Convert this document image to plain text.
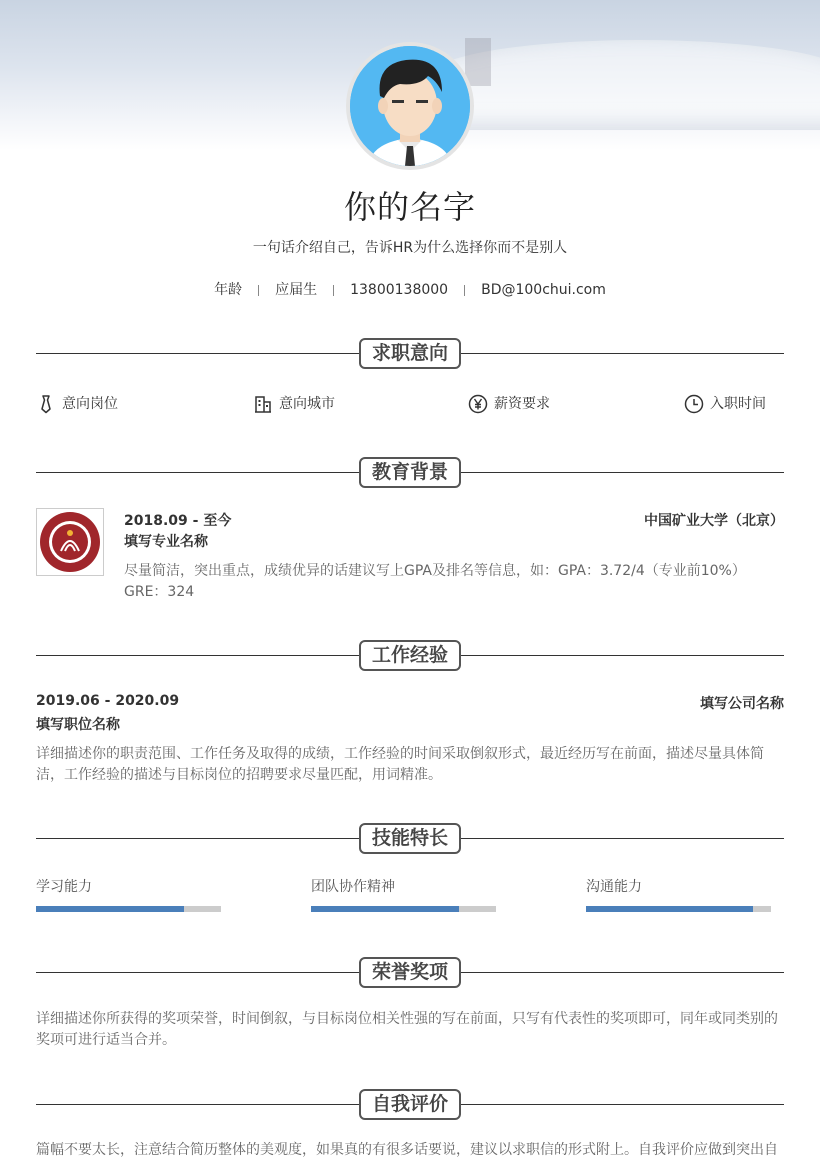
你的名字
一句话介绍自己，告诉HR为什么选择你而不是别人
年龄 应届生 13800138000 BD@100chui.com
求职意向
意向岗位	意向城市	薪资要求	入职时间
教育背景
2018.09 - 至今	中国矿业大学（北京）
填写专业名称
尽量简洁，突出重点，成绩优异的话建议写上GPA及排名等信息，如：GPA：3.72/4（专业前10%） GRE：324
工作经验
2019.06 - 2020.09	填写公司名称
填写职位名称
详细描述你的职责范围、工作任务及取得的成绩，工作经验的时间采取倒叙形式，最近经历写在前面，描述尽量具体简洁，工作经验的描述与目标岗位的招聘要求尽量匹配，用词精准。
技能特长
学习能力	团队协作精神	沟通能力
荣誉奖项
详细描述你所获得的奖项荣誉，时间倒叙，与目标岗位相关性强的写在前面，只写有代表性的奖项即可，同年或同类别的奖项可进行适当合并。
自我评价
篇幅不要太长，注意结合简历整体的美观度，如果真的有很多话要说，建议以求职信的形式附上。自我评价应做到突出自
